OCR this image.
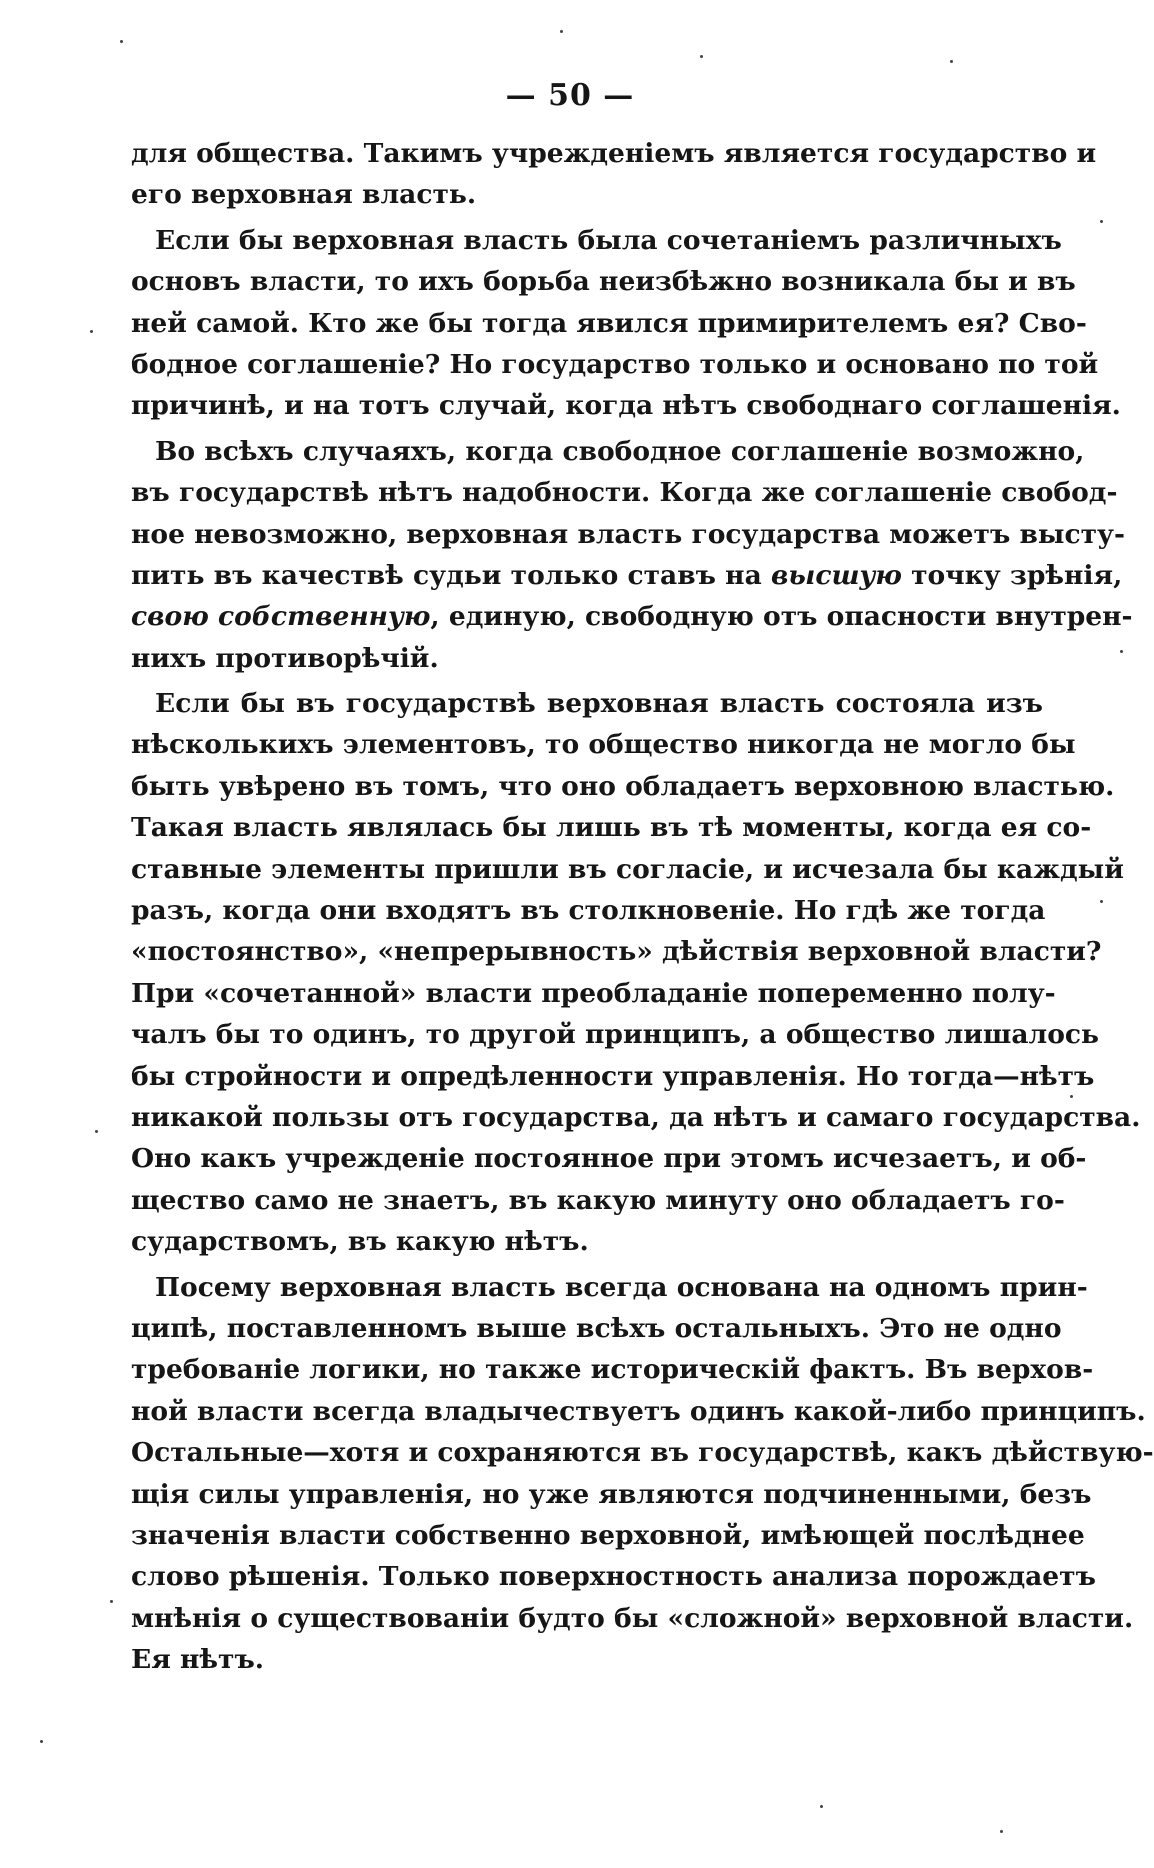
— 50 —
для общества. Такимъ учрежденіемъ является государство и
его верховная власть.
Если бы верховная власть была сочетаніемъ различныхъ
основъ власти, то ихъ борьба неизбѣжно возникала бы и въ
ней самой. Кто же бы тогда явился примирителемъ ея? Сво-
бодное соглашеніе? Но государство только и основано по той
причинѣ, и на тотъ случай, когда нѣтъ свободнаго соглашенія.
Во всѣхъ случаяхъ, когда свободное соглашеніе возможно,
въ государствѣ нѣтъ надобности. Когда же соглашеніе свобод-
ное невозможно, верховная власть государства можетъ высту-
пить въ качествѣ судьи только ставъ на высшую точку зрѣнія,
свою собственную, единую, свободную отъ опасности внутрен-
нихъ противорѣчій.
Если бы въ государствѣ верховная власть состояла изъ
нѣсколькихъ элементовъ, то общество никогда не могло бы
быть увѣрено въ томъ, что оно обладаетъ верховною властью.
Такая власть являлась бы лишь въ тѣ моменты, когда ея со-
ставные элементы пришли въ согласіе, и исчезала бы каждый
разъ, когда они входятъ въ столкновеніе. Но гдѣ же тогда
«постоянство», «непрерывность» дѣйствія верховной власти?
При «сочетанной» власти преобладаніе попеременно полу-
чалъ бы то одинъ, то другой принципъ, а общество лишалось
бы стройности и опредѣленности управленія. Но тогда—нѣтъ
никакой пользы отъ государства, да нѣтъ и самаго государства.
Оно какъ учрежденіе постоянное при этомъ исчезаетъ, и об-
щество само не знаетъ, въ какую минуту оно обладаетъ го-
сударствомъ, въ какую нѣтъ.
Посему верховная власть всегда основана на одномъ прин-
ципѣ, поставленномъ выше всѣхъ остальныхъ. Это не одно
требованіе логики, но также историческій фактъ. Въ верхов-
ной власти всегда владычествуетъ одинъ какой-либо принципъ.
Остальные—хотя и сохраняются въ государствѣ, какъ дѣйствую-
щія силы управленія, но уже являются подчиненными, безъ
значенія власти собственно верховной, имѣющей послѣднее
слово рѣшенія. Только поверхностность анализа порождаетъ
мнѣнія о существованіи будто бы «сложной» верховной власти.
Ея нѣтъ.
